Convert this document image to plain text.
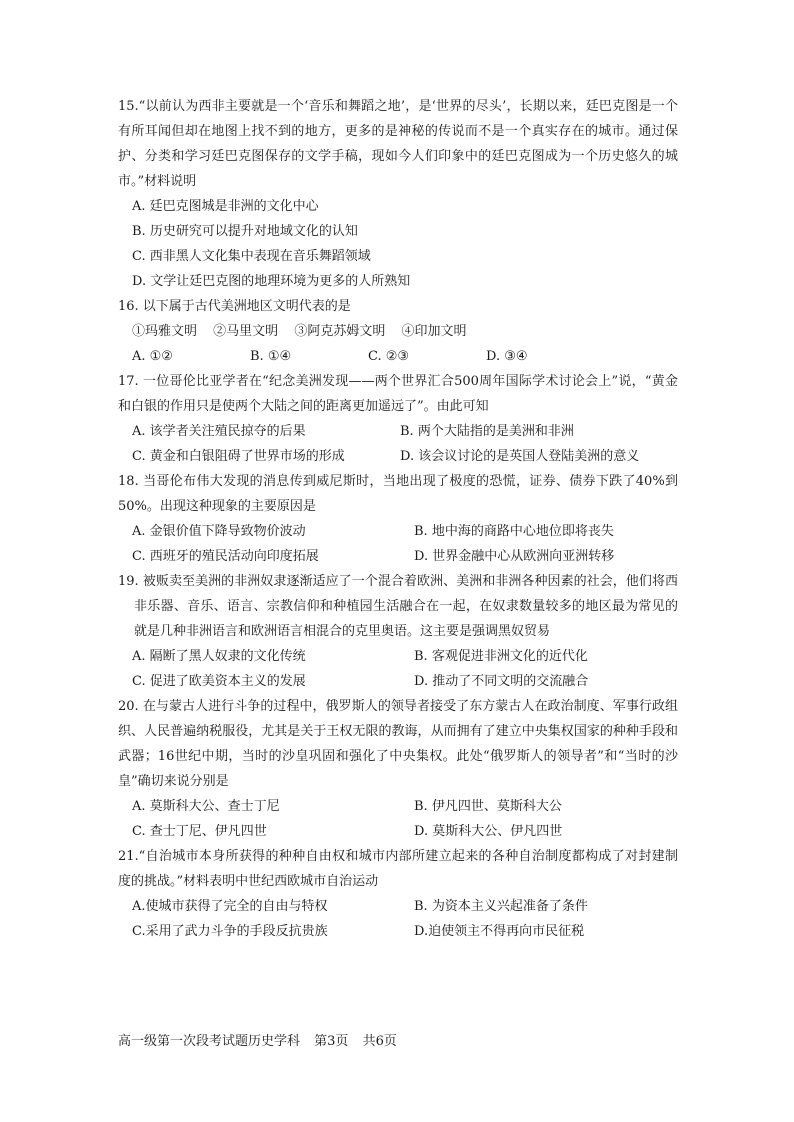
15.“以前认为西非主要就是一个‘音乐和舞蹈之地’，是‘世界的尽头’，长期以来，廷巴克图是一个有所耳闻但却在地图上找不到的地方，更多的是神秘的传说而不是一个真实存在的城市。通过保护、分类和学习廷巴克图保存的文学手稿，现如今人们印象中的廷巴克图成为一个历史悠久的城市。”材料说明

A. 廷巴克图城是非洲的文化中心
B. 历史研究可以提升对地域文化的认知
C. 西非黑人文化集中表现在音乐舞蹈领域
D. 文学让廷巴克图的地理环境为更多的人所熟知

16. 以下属于古代美洲地区文明代表的是

①玛雅文明 ②马里文明 ③阿克苏姆文明 ④印加文明
A. ①②	B. ①④	C. ②③	D. ③④

17. 一位哥伦比亚学者在“纪念美洲发现——两个世界汇合500周年国际学术讨论会上”说，“黄金和白银的作用只是使两个大陆之间的距离更加遥远了”。由此可知

A. 该学者关注殖民掠夺的后果	B. 两个大陆指的是美洲和非洲
C. 黄金和白银阻碍了世界市场的形成	D. 该会议讨论的是英国人登陆美洲的意义

18. 当哥伦布伟大发现的消息传到威尼斯时，当地出现了极度的恐慌，证券、债券下跌了40%到50%。出现这种现象的主要原因是

A. 金银价值下降导致物价波动	B. 地中海的商路中心地位即将丧失
C. 西班牙的殖民活动向印度拓展	D. 世界金融中心从欧洲向亚洲转移

19. 被贩卖至美洲的非洲奴隶逐渐适应了一个混合着欧洲、美洲和非洲各种因素的社会，他们将西非乐器、音乐、语言、宗教信仰和种植园生活融合在一起，在奴隶数量较多的地区最为常见的就是几种非洲语言和欧洲语言相混合的克里奥语。这主要是强调黑奴贸易

A. 隔断了黑人奴隶的文化传统	B. 客观促进非洲文化的近代化
C. 促进了欧美资本主义的发展	D. 推动了不同文明的交流融合

20. 在与蒙古人进行斗争的过程中，俄罗斯人的领导者接受了东方蒙古人在政治制度、军事行政组织、人民普遍纳税服役，尤其是关于王权无限的教诲，从而拥有了建立中央集权国家的种种手段和武器；16世纪中期，当时的沙皇巩固和强化了中央集权。此处“俄罗斯人的领导者”和“当时的沙皇”确切来说分别是

A. 莫斯科大公、查士丁尼	B. 伊凡四世、莫斯科大公
C. 查士丁尼、伊凡四世	D. 莫斯科大公、伊凡四世

21.“自治城市本身所获得的种种自由权和城市内部所建立起来的各种自治制度都构成了对封建制度的挑战。”材料表明中世纪西欧城市自治运动

A.使城市获得了完全的自由与特权	B. 为资本主义兴起准备了条件
C.采用了武力斗争的手段反抗贵族	D.迫使领主不得再向市民征税
高一级第一次段考试题历史学科 第3页 共6页
